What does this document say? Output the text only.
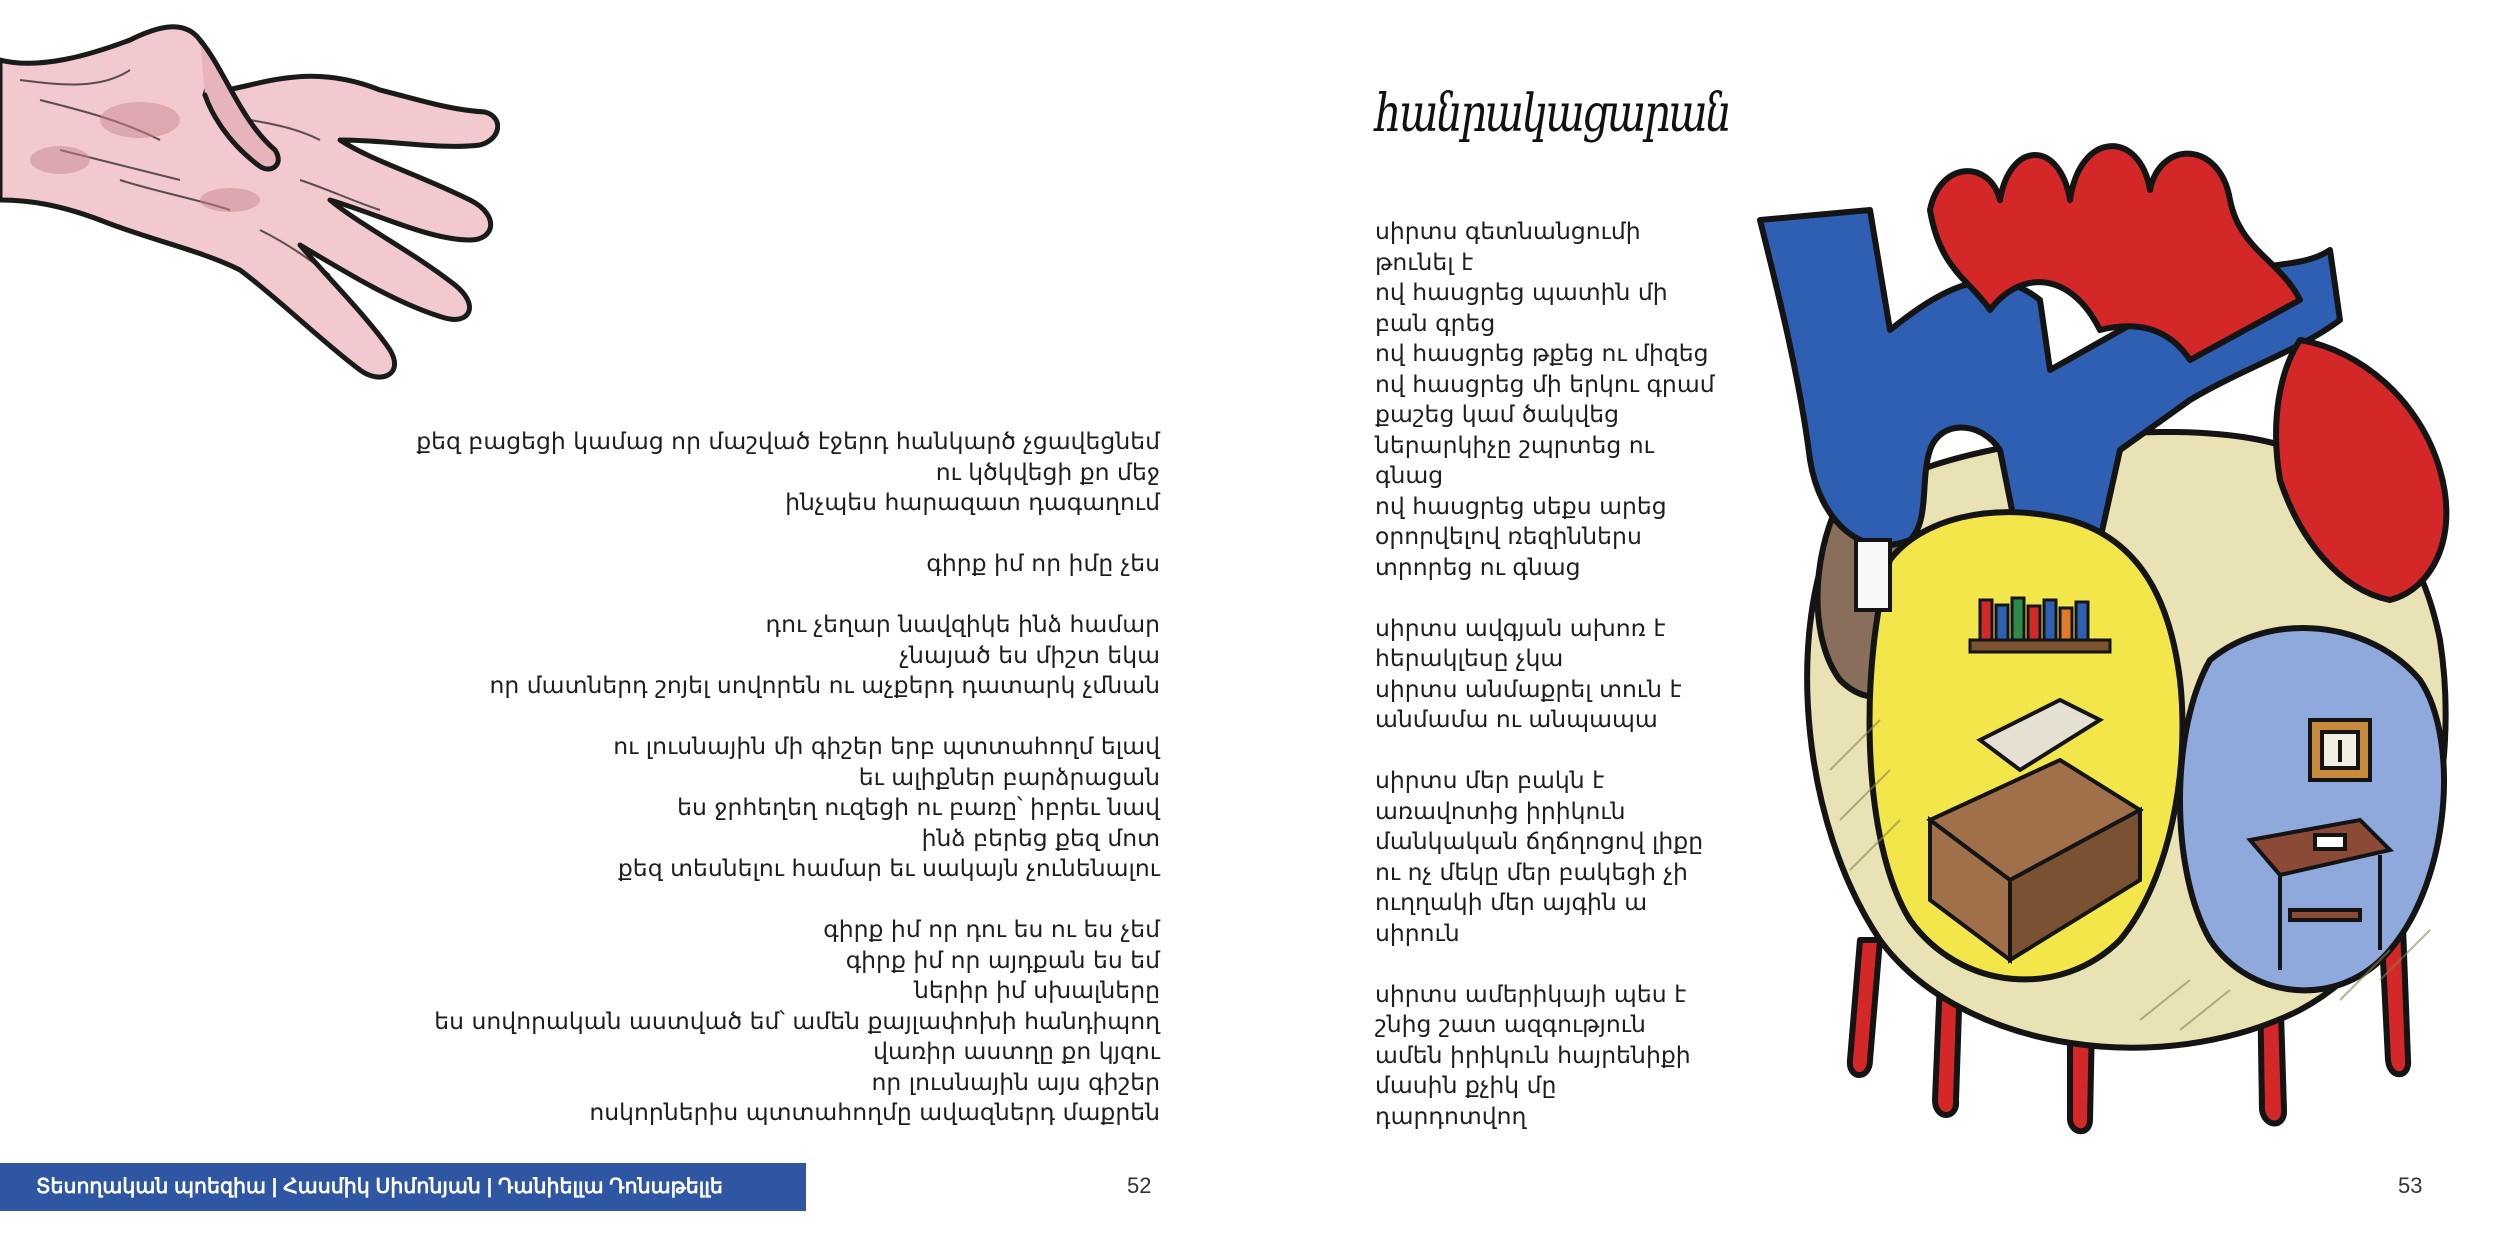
քեզ բացեցի կամաց որ մաշված էջերդ հանկարծ չցավեցնեմ
ու կծկվեցի քո մեջ
ինչպես հարազատ դագաղում
գիրք իմ որ իմը չես
դու չեղար նավզիկե ինձ համար
չնայած ես միշտ եկա
որ մատներդ շոյել սովորեն ու աչքերդ դատարկ չմնան
ու լուսնային մի գիշեր երբ պտտահողմ ելավ
եւ ալիքներ բարձրացան
ես ջրհեղեղ ուզեցի ու բառը՝ իբրեւ նավ
ինձ բերեց քեզ մոտ
քեզ տեսնելու համար եւ սակայն չունենալու
գիրք իմ որ դու ես ու ես չեմ
գիրք իմ որ այդքան ես եմ
ներիր իմ սխալները
ես սովորական աստված եմ՝ ամեն քայլափոխի հանդիպող
վառիր աստղը քո կյզու
որ լուսնային այս գիշեր
ոսկորներիս պտտահողմը ավազներդ մաքրեն
Տեսողական պոեզիա | Հասմիկ Սիմոնյան | Դանիելլա Դոնաթելլե	52
հանրակացարան
սիրտս գետնանցումի
թունել է
ով հասցրեց պատին մի
բան գրեց
ով հասցրեց թքեց ու միզեց
ով հասցրեց մի երկու գրամ
քաշեց կամ ծակվեց
ներարկիչը շպրտեց ու
գնաց
ով հասցրեց սեքս արեց
օրորվելով ռեզիններս
տրորեց ու գնաց
սիրտս ավգյան ախոռ է
հերակլեսը չկա
սիրտս անմաքրել տուն է
անմամա ու անպապա
սիրտս մեր բակն է
առավոտից իրիկուն
մանկական ճղճղոցով լիքը
ու ոչ մեկը մեր բակեցի չի
ուղղակի մեր այգին ա
սիրուն
սիրտս ամերիկայի պես է
շնից շատ ազգություն
ամեն իրիկուն հայրենիքի
մասին քչիկ մը
դարդոտվող
53
